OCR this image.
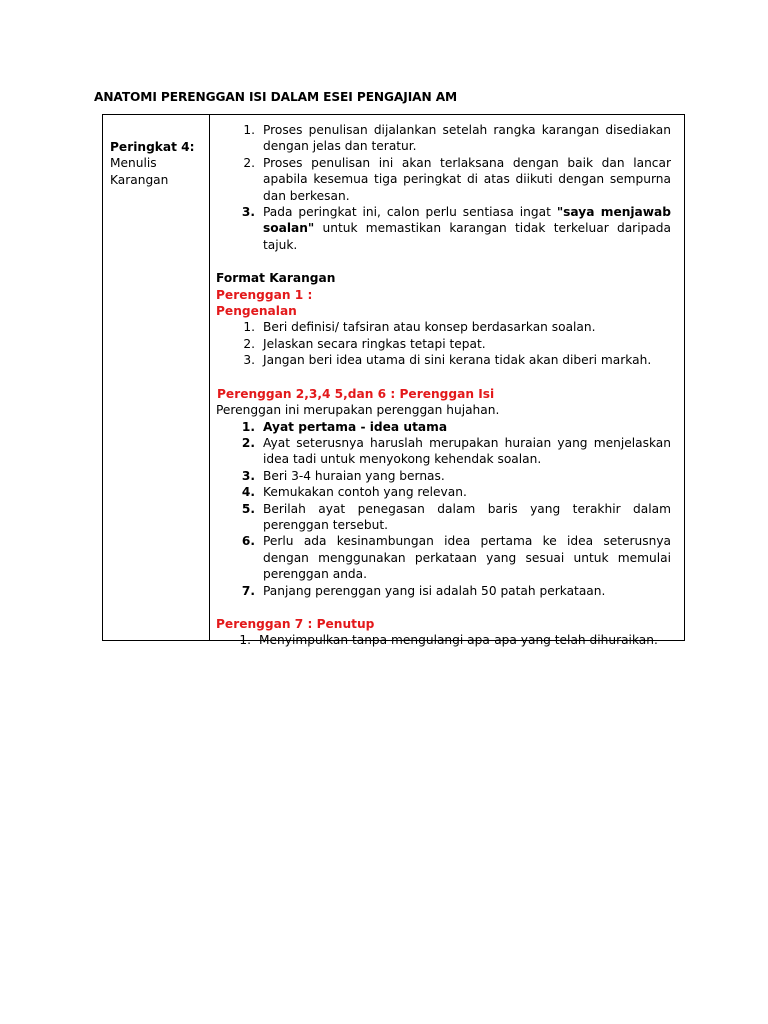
ANATOMI PERENGGAN ISI DALAM ESEI PENGAJIAN AM
Peringkat 4:
Menulis
Karangan
1. Proses penulisan dijalankan setelah rangka karangan disediakan dengan jelas dan teratur.
2. Proses penulisan ini akan terlaksana dengan baik dan lancar apabila kesemua tiga peringkat di atas diikuti dengan sempurna dan berkesan.
3. Pada peringkat ini, calon perlu sentiasa ingat "saya menjawab soalan" untuk memastikan karangan tidak terkeluar daripada tajuk.
Format Karangan
Perenggan 1 :
Pengenalan
1. Beri definisi/ tafsiran atau konsep berdasarkan soalan.
2. Jelaskan secara ringkas tetapi tepat.
3. Jangan beri idea utama di sini kerana tidak akan diberi markah.
Perenggan 2,3,4 5,dan 6 : Perenggan Isi
Perenggan ini merupakan perenggan hujahan.
1. Ayat pertama - idea utama
2. Ayat seterusnya haruslah merupakan huraian yang menjelaskan idea tadi untuk menyokong kehendak soalan.
3. Beri 3-4 huraian yang bernas.
4. Kemukakan contoh yang relevan.
5. Berilah ayat penegasan dalam baris yang terakhir dalam perenggan tersebut.
6. Perlu ada kesinambungan idea pertama ke idea seterusnya dengan menggunakan perkataan yang sesuai untuk memulai perenggan anda.
7. Panjang perenggan yang isi adalah 50 patah perkataan.
Perenggan 7 : Penutup
1. Menyimpulkan tanpa mengulangi apa-apa yang telah dihuraikan.
